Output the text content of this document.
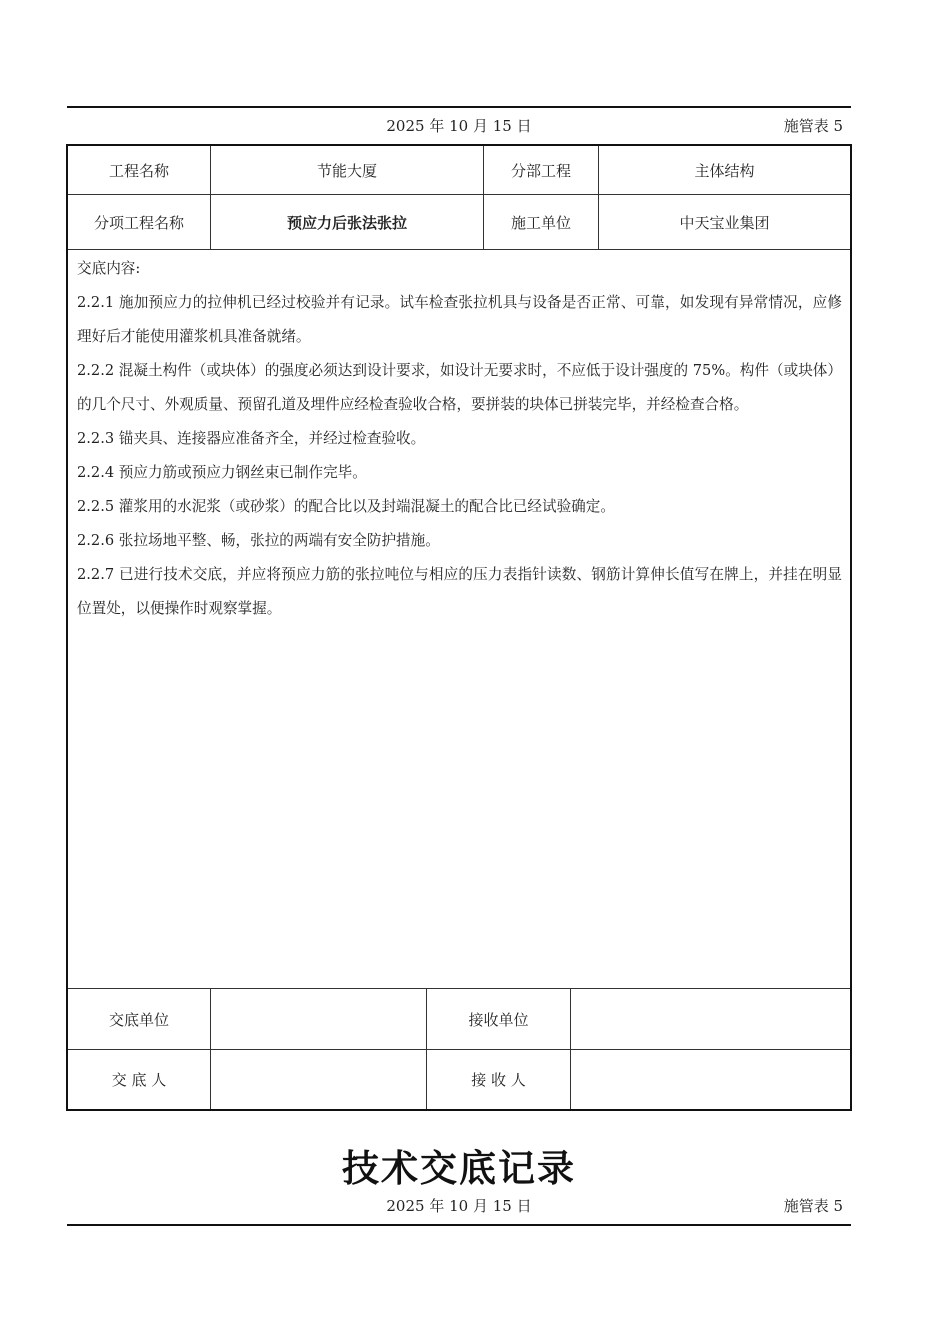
2025 年 10 月 15 日	施管表 5
工程名称	节能大厦	分部工程	主体结构
分项工程名称	预应力后张法张拉	施工单位	中天宝业集团

交底内容:

2.2.1 施加预应力的拉伸机已经过校验并有记录。试车检查张拉机具与设备是否正常、可靠，如发现有异常情况，应修理好后才能使用灌浆机具准备就绪。

2.2.2 混凝土构件（或块体）的强度必须达到设计要求，如设计无要求时，不应低于设计强度的 75%。构件（或块体）的几个尺寸、外观质量、预留孔道及埋件应经检查验收合格，要拼装的块体已拼装完毕，并经检查合格。

2.2.3 锚夹具、连接器应准备齐全，并经过检查验收。

2.2.4 预应力筋或预应力钢丝束已制作完毕。

2.2.5 灌浆用的水泥浆（或砂浆）的配合比以及封端混凝土的配合比已经试验确定。

2.2.6 张拉场地平整、畅，张拉的两端有安全防护措施。

2.2.7 已进行技术交底，并应将预应力筋的张拉吨位与相应的压力表指针读数、钢筋计算伸长值写在牌上，并挂在明显位置处，以便操作时观察掌握。

交底单位	接收单位
交 底 人	接 收 人
技术交底记录
2025 年 10 月 15 日	施管表 5
